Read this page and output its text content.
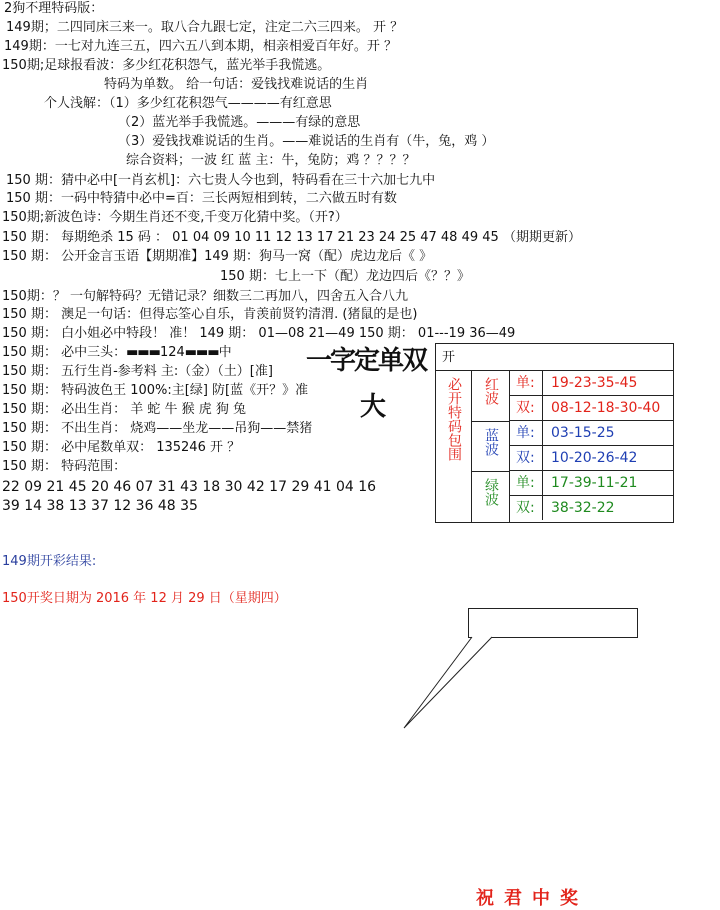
2狗不理特码版：
149期；二四同床三来一。取八合九跟七定，注定二六三四来。 开 ？
149期：一七对九连三五，四六五八到本期，相亲相爱百年好。开 ？
150期;足球报看波：多少红花积怨气，蓝光举手我慌逃。
特码为单数。 给一句话：爱钱找难说话的生肖
个人浅解：（1）多少红花积怨气————有红意思
（2）蓝光举手我慌逃。———有绿的意思
（3）爱钱找难说话的生肖。——难说话的生肖有（牛，兔，鸡 ）
综合资料；一波 红 蓝 主：牛，兔防；鸡 ？？？？
150 期：猜中必中[一肖玄机]：六七贵人今也到，特码看在三十六加七九中
150 期：一码中特猜中必中=百：三长两短相到转，二六做五时有数
150期;新波色诗：今期生肖还不变,千变万化猜中奖。（开?）
150 期： 每期绝杀 15 码 ： 01 04 09 10 11 12 13 17 21 23 24 25 47 48 49 45 （期期更新）
150 期： 公开金言玉语【期期准】149 期：狗马一窝（配）虎边龙后《 》
150 期：七上一下（配）龙边四后《？？》
150期：？ 一句解特码？无错记录？细数三二再加八，四舍五入合八九
150 期： 澳足一句话：但得忘筌心自乐，肯羡前贤钓清渭. (猪鼠的是也)
150 期： 白小姐必中特段！ 准！ 149 期： 01—08 21—49 150 期： 01---19 36—49
150 期： 必中三头：▬▬▬124▬▬▬中
150 期： 五行生肖-参考料 主:（金）（土）[准]
150 期： 特码波色王 100%:主[绿] 防[蓝《开？》准
150 期： 必出生肖： 羊 蛇 牛 猴 虎 狗 兔
150 期： 不出生肖： 烧鸡——坐龙——吊狗——禁猪
150 期： 必中尾数单双： 135246 开 ？
150 期： 特码范围：
22 09 21 45 20 46 07 31 43 18 30 42 17 29 41 04 16
39 14 38 13 37 12 36 48 35
一字定单双
大
开
必开特码包围 红波
蓝波
绿波
单: 19-23-35-45
双: 08-12-18-30-40
单: 03-15-25
双: 10-20-26-42
单: 17-39-11-21
双: 38-32-22
149期开彩结果:
150开奖日期为 2016 年 12 月 29 日（星期四）
祝君中奖
